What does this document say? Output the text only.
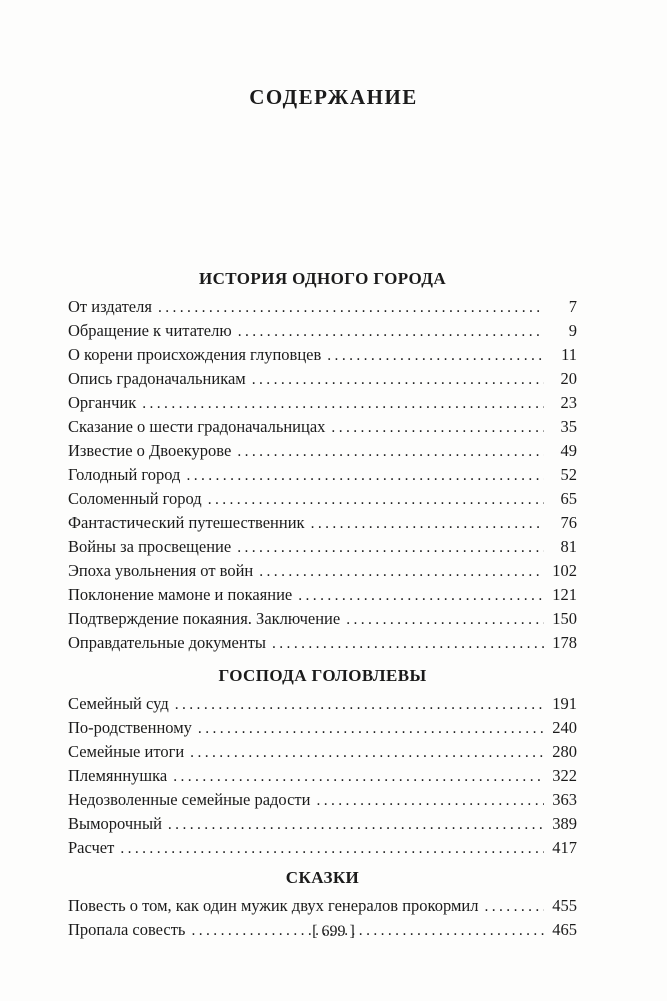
СОДЕРЖАНИЕ
ИСТОРИЯ ОДНОГО ГОРОДА
От издателя .....	7
Обращение к читателю .....	9
О корени происхождения глуповцев .....	11
Опись градоначальникам .....	20
Органчик .....	23
Сказание о шести градоначальницах .....	35
Известие о Двоекурове .....	49
Голодный город .....	52
Соломенный город .....	65
Фантастический путешественник .....	76
Войны за просвещение .....	81
Эпоха увольнения от войн .....	102
Поклонение мамоне и покаяние .....	121
Подтверждение покаяния. Заключение .....	150
Оправдательные документы .....	178
ГОСПОДА ГОЛОВЛЕВЫ
Семейный суд .....	191
По-родственному .....	240
Семейные итоги .....	280
Племяннушка .....	322
Недозволенные семейные радости .....	363
Выморочный .....	389
Расчет .....	417
СКАЗКИ
Повесть о том, как один мужик двух генералов прокормил .....	455
Пропала совесть .....	465
[ 699 ]
